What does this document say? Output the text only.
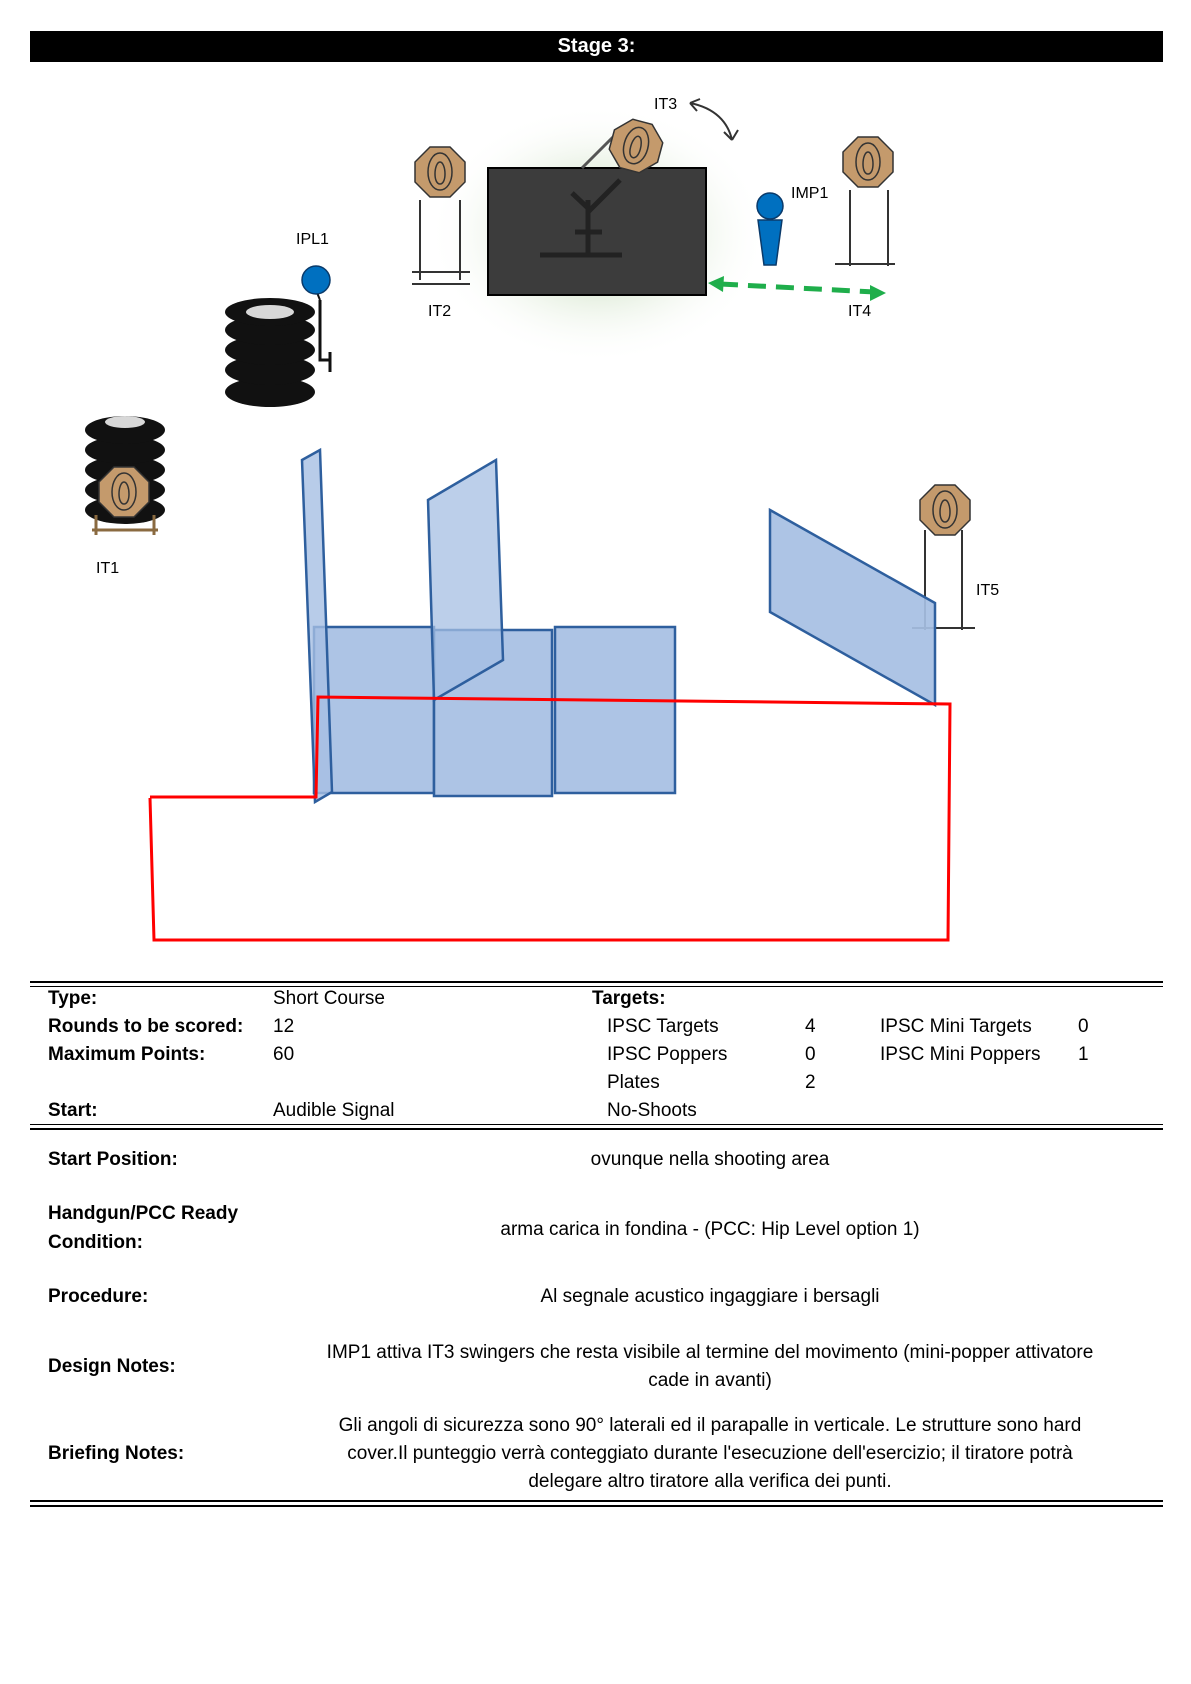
Stage 3:
IT3
IMP1
IPL1
IT2	IT4
IT1
IT5
Type:	Short Course	Targets:
Rounds to be scored: 12	IPSC Targets	4	IPSC Mini Targets 0
Maximum Points:	60	IPSC Poppers	0	IPSC Mini Poppers 1
Plates	2
Start:	Audible Signal	No-Shoots
Start Position:	ovunque nella shooting area
Handgun/PCC Ready
Condition:
arma carica in fondina - (PCC: Hip Level option 1)
Procedure:	Al segnale acustico ingaggiare i bersagli
Design Notes:
IMP1 attiva IT3 swingers che resta visibile al termine del movimento (mini-popper attivatore
cade in avanti)
Briefing Notes:
Gli angoli di sicurezza sono 90° laterali ed il parapalle in verticale. Le strutture sono hard
cover.Il punteggio verrà conteggiato durante l'esecuzione dell'esercizio; il tiratore potrà
delegare altro tiratore alla verifica dei punti.
